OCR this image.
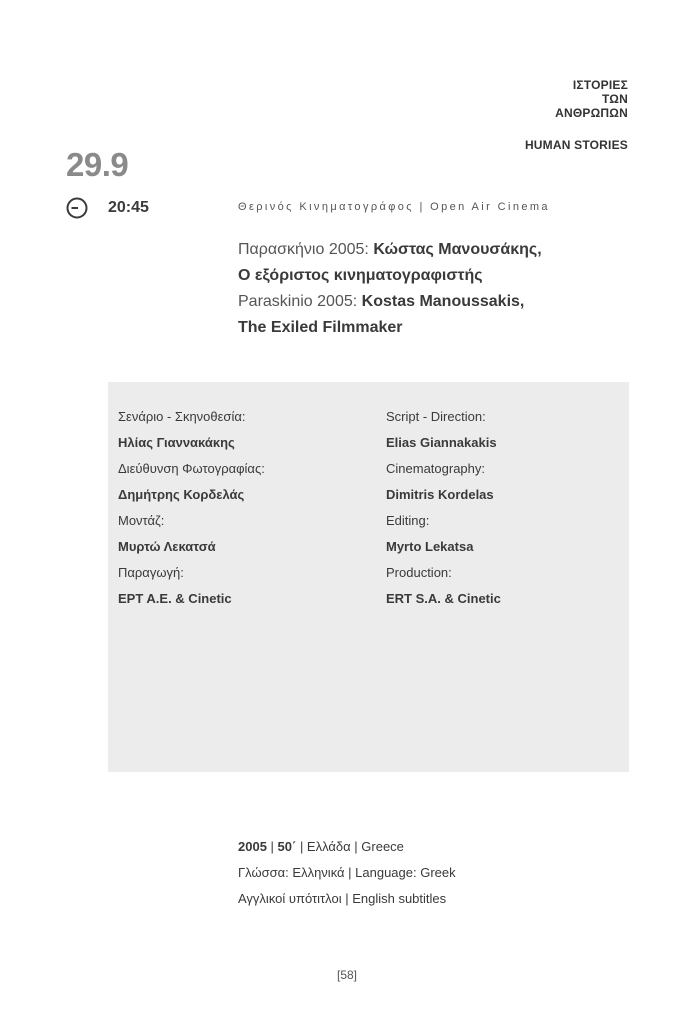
ΙΣΤΟΡΙΕΣ
ΤΩΝ
ΑΝΘΡΩΠΩΝ
HUMAN STORIES
29.9
20:45	Θερινός Κινηματογράφος | Open Air Cinema
Παρασκήνιο 2005: Κώστας Μανουσάκης,
Ο εξόριστος κινηματογραφιστής
Paraskinio 2005: Kostas Manoussakis,
The Exiled Filmmaker
Σενάριο - Σκηνοθεσία:
Ηλίας Γιαννακάκης
Διεύθυνση Φωτογραφίας:
Δημήτρης Κορδελάς
Μοντάζ:
Μυρτώ Λεκατσά
Παραγωγή:
ΕΡΤ Α.Ε. & Cinetic
Script - Direction:
Elias Giannakakis
Cinematography:
Dimitris Kordelas
Editing:
Myrto Lekatsa
Production:
ERT S.A. & Cinetic
2005 | 50΄ | Ελλάδα | Greece
Γλώσσα: Ελληνικά | Language: Greek
Αγγλικοί υπότιτλοι | English subtitles
[58]
